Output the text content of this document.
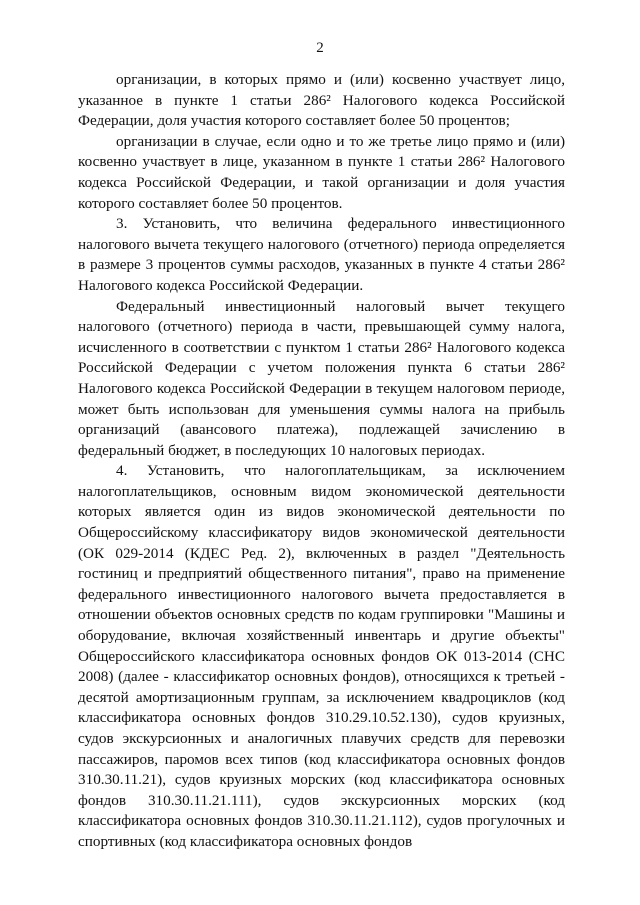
2

организации, в которых прямо и (или) косвенно участвует лицо, указанное в пункте 1 статьи 286² Налогового кодекса Российской Федерации, доля участия которого составляет более 50 процентов;

организации в случае, если одно и то же третье лицо прямо и (или) косвенно участвует в лице, указанном в пункте 1 статьи 286² Налогового кодекса Российской Федерации, и такой организации и доля участия которого составляет более 50 процентов.

3. Установить, что величина федерального инвестиционного налогового вычета текущего налогового (отчетного) периода определяется в размере 3 процентов суммы расходов, указанных в пункте 4 статьи 286² Налогового кодекса Российской Федерации.

Федеральный инвестиционный налоговый вычет текущего налогового (отчетного) периода в части, превышающей сумму налога, исчисленного в соответствии с пунктом 1 статьи 286² Налогового кодекса Российской Федерации с учетом положения пункта 6 статьи 286² Налогового кодекса Российской Федерации в текущем налоговом периоде, может быть использован для уменьшения суммы налога на прибыль организаций (авансового платежа), подлежащей зачислению в федеральный бюджет, в последующих 10 налоговых периодах.

4. Установить, что налогоплательщикам, за исключением налогоплательщиков, основным видом экономической деятельности которых является один из видов экономической деятельности по Общероссийскому классификатору видов экономической деятельности (ОК 029-2014 (КДЕС Ред. 2), включенных в раздел "Деятельность гостиниц и предприятий общественного питания", право на применение федерального инвестиционного налогового вычета предоставляется в отношении объектов основных средств по кодам группировки "Машины и оборудование, включая хозяйственный инвентарь и другие объекты" Общероссийского классификатора основных фондов ОК 013-2014 (СНС 2008) (далее - классификатор основных фондов), относящихся к третьей - десятой амортизационным группам, за исключением квадроциклов (код классификатора основных фондов 310.29.10.52.130), судов круизных, судов экскурсионных и аналогичных плавучих средств для перевозки пассажиров, паромов всех типов (код классификатора основных фондов 310.30.11.21), судов круизных морских (код классификатора основных фондов 310.30.11.21.111), судов экскурсионных морских (код классификатора основных фондов 310.30.11.21.112), судов прогулочных и спортивных (код классификатора основных фондов
